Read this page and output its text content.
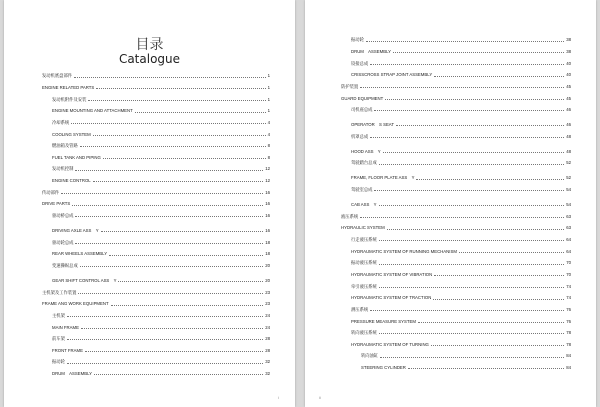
目录
Catalogue
发动机底盘部件	1
ENGINE RELATED PARTS	1
发动机附件及安装	1
ENGINE MOUNTING AND ATTACHMENT	1
冷却系统	4
COOLING SYSTEM	4
燃油箱及管路	8
FUEL TANK AND PIPING	8
发动机控制	12
ENGINE CONTROL	12
传动部件	16
DRIVE PARTS	16
驱动桥总成	16
DRIVING AXLE ASS　Y	16
驱动轮总成	18
REAR WHEELS ASSEMBLY	18
变速操纵总成	20
GEAR SHIFT CONTROL ASS　Y	20
主机架及工作装置	23
FRAME ANG WORK EQUIPMENT	23
主机架	24
MAIN FRAME	24
前车架	28
FRONT FRAME	28
振动轮	32
DRUM　ASSEMBLY	32
i
振动轮	38
DRUM　ASSEMBLY	38
铰接总成	40
CRISSCROSS STRAP JOINT ASSEMBLY	40
防护装置	45
GUARD EQUIPMENT	45
司机座总成	46
OPERATOR　S SEAT	46
机罩总成	48
HOOD ASS　Y	48
驾驶踏台总成	52
FRAME, FLOOR PLATE ASS　Y	52
驾驶室总成	54
CAB ASS　Y	54
液压系统	63
HYDRAULIC SYSTEM	63
行走液压系统	64
HYDRAUMATIC SYSTEM OF RUNNING MECHANISM	64
振动液压系统	70
HYDRAUMATIC SYSTEM OF VIBRATION	70
牵引液压系统	74
HYDRAUMATIC SYSTEM OF TRACTION	74
测压系统	76
PRESSURE MEASURE SYSTEM	76
转向液压系统	78
HYDRAUMATIC SYSTEM OF TURNING	78
转向油缸	84
STEERING CYLINDER	84
ii
